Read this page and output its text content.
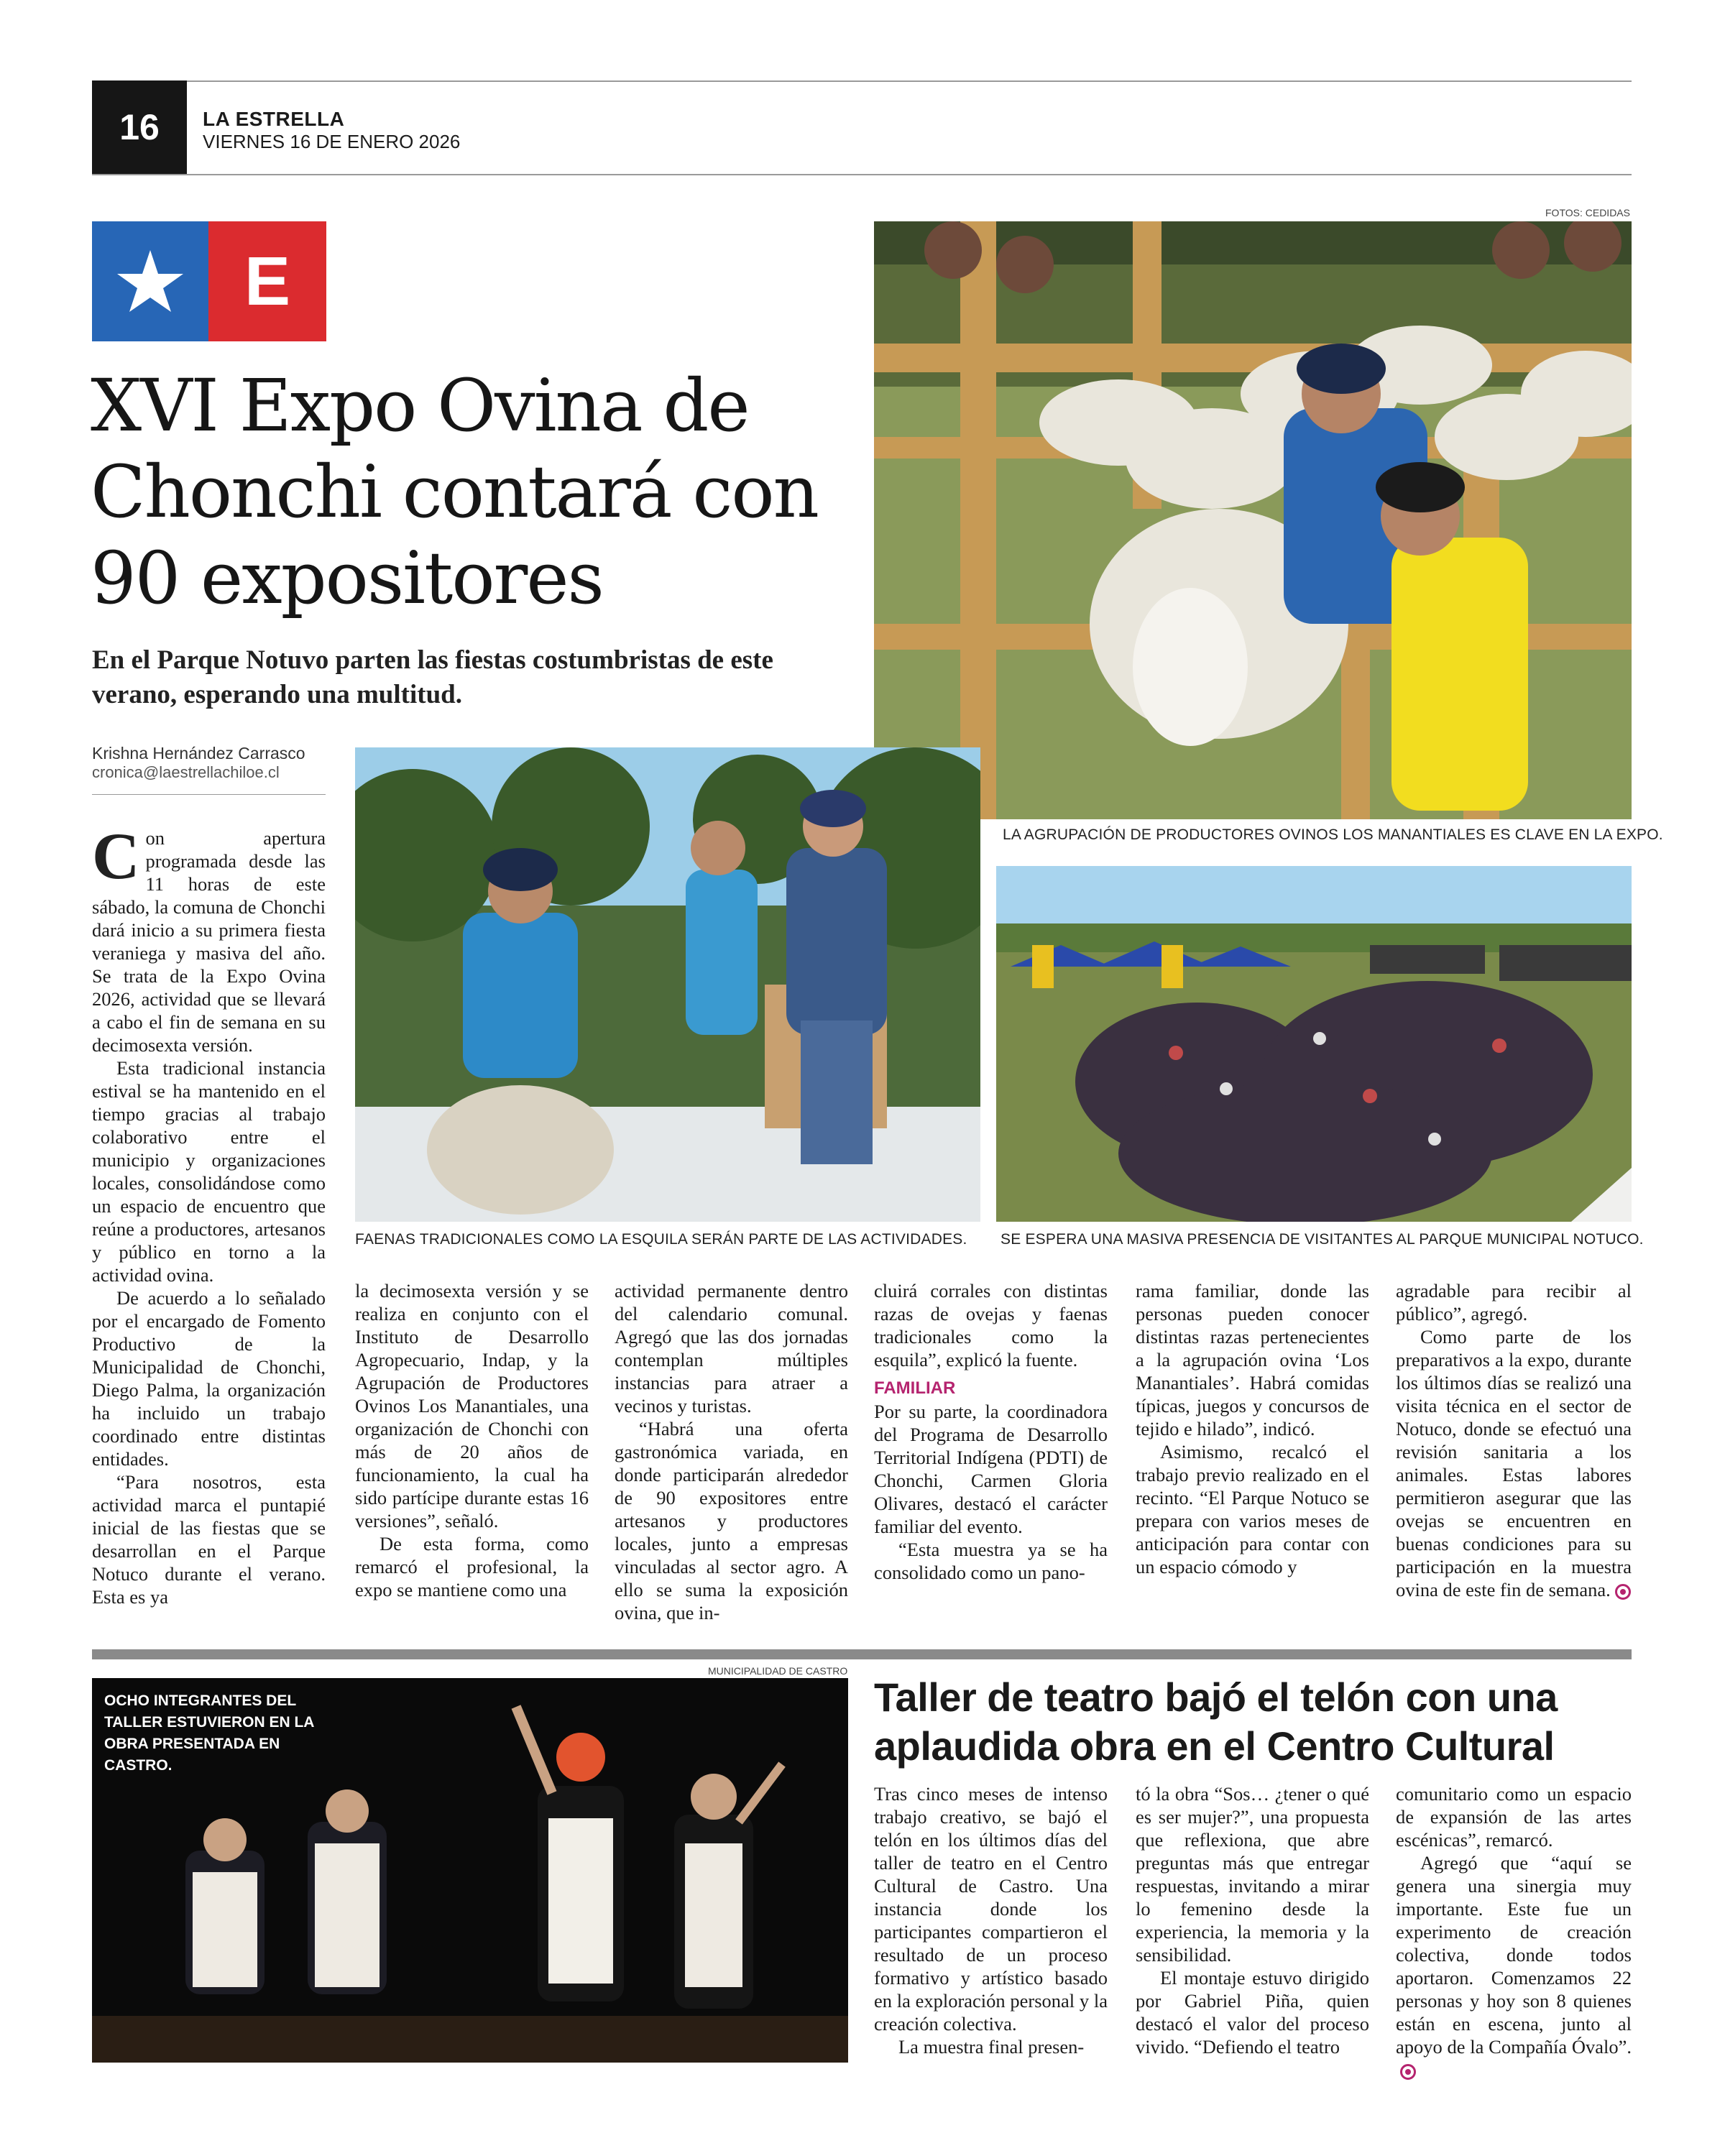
16	LA ESTRELLA
VIERNES 16 DE ENERO 2026
E
XVI Expo Ovina de Chonchi contará con 90 expositores

En el Parque Notuvo parten las fiestas costumbristas de este verano, esperando una multitud.

Krishna Hernández Carrasco
cronica@laestrellachiloe.cl
FOTOS: CEDIDAS
LA AGRUPACIÓN DE PRODUCTORES OVINOS LOS MANANTIALES ES CLAVE EN LA EXPO.
FAENAS TRADICIONALES COMO LA ESQUILA SERÁN PARTE DE LAS ACTIVIDADES. SE ESPERA UNA MASIVA PRESENCIA DE VISITANTES AL PARQUE MUNICIPAL NOTUCO.

Con apertura programada desde las 11 horas de este sábado, la comuna de Chonchi dará inicio a su primera fiesta veraniega y masiva del año. Se trata de la Expo Ovina 2026, actividad que se llevará a cabo el fin de semana en su decimosexta versión.

Esta tradicional instancia estival se ha mantenido en el tiempo gracias al trabajo colaborativo entre el municipio y organizaciones locales, consolidándose como un espacio de encuentro que reúne a productores, artesanos y público en torno a la actividad ovina.

De acuerdo a lo señalado por el encargado de Fomento Productivo de la Municipalidad de Chonchi, Diego Palma, la organización ha incluido un trabajo coordinado entre distintas entidades.

“Para nosotros, esta actividad marca el puntapié inicial de las fiestas que se desarrollan en el Parque Notuco durante el verano. Esta es ya

la decimosexta versión y se realiza en conjunto con el Instituto de Desarrollo Agropecuario, Indap, y la Agrupación de Productores Ovinos Los Manantiales, una organización de Chonchi con más de 20 años de funcionamiento, la cual ha sido partícipe durante estas 16 versiones”, señaló.

De esta forma, como remarcó el profesional, la expo se mantiene como una

actividad permanente dentro del calendario comunal. Agregó que las dos jornadas contemplan múltiples instancias para atraer a vecinos y turistas.

“Habrá una oferta gastronómica variada, en donde participarán alrededor de 90 expositores entre artesanos y productores locales, junto a empresas vinculadas al sector agro. A ello se suma la exposición ovina, que in-

cluirá corrales con distintas razas de ovejas y faenas tradicionales como la esquila”, explicó la fuente.

FAMILIAR

Por su parte, la coordinadora del Programa de Desarrollo Territorial Indígena (PDTI) de Chonchi, Carmen Gloria Olivares, destacó el carácter familiar del evento.

“Esta muestra ya se ha consolidado como un pano-

rama familiar, donde las personas pueden conocer distintas razas pertenecientes a la agrupación ovina ‘Los Manantiales’. Habrá comidas típicas, juegos y concursos de tejido e hilado”, indicó.

Asimismo, recalcó el trabajo previo realizado en el recinto. “El Parque Notuco se prepara con varios meses de anticipación para contar con un espacio cómodo y

agradable para recibir al público”, agregó.

Como parte de los preparativos a la expo, durante los últimos días se realizó una visita técnica en el sector de Notuco, donde se efectuó una revisión sanitaria a los animales. Estas labores permitieron asegurar que las ovejas se encuentren en buenas condiciones para su participación en la muestra ovina de este fin de semana.

MUNICIPALIDAD DE CASTRO
OCHO INTEGRANTES DEL TALLER ESTUVIERON EN LA OBRA PRESENTADA EN CASTRO.
Taller de teatro bajó el telón con una aplaudida obra en el Centro Cultural

Tras cinco meses de intenso trabajo creativo, se bajó el telón en los últimos días del taller de teatro en el Centro Cultural de Castro. Una instancia donde los participantes compartieron el resultado de un proceso formativo y artístico basado en la exploración personal y la creación colectiva.

La muestra final presen-

tó la obra “Sos… ¿tener o qué es ser mujer?”, una propuesta que reflexiona, que abre preguntas más que entregar respuestas, invitando a mirar lo femenino desde la experiencia, la memoria y la sensibilidad.

El montaje estuvo dirigido por Gabriel Piña, quien destacó el valor del proceso vivido. “Defiendo el teatro

comunitario como un espacio de expansión de las artes escénicas”, remarcó.

Agregó que “aquí se genera una sinergia muy importante. Este fue un experimento de creación colectiva, donde todos aportaron. Comenzamos 22 personas y hoy son 8 quienes están en escena, junto al apoyo de la Compañía Óvalo”.
